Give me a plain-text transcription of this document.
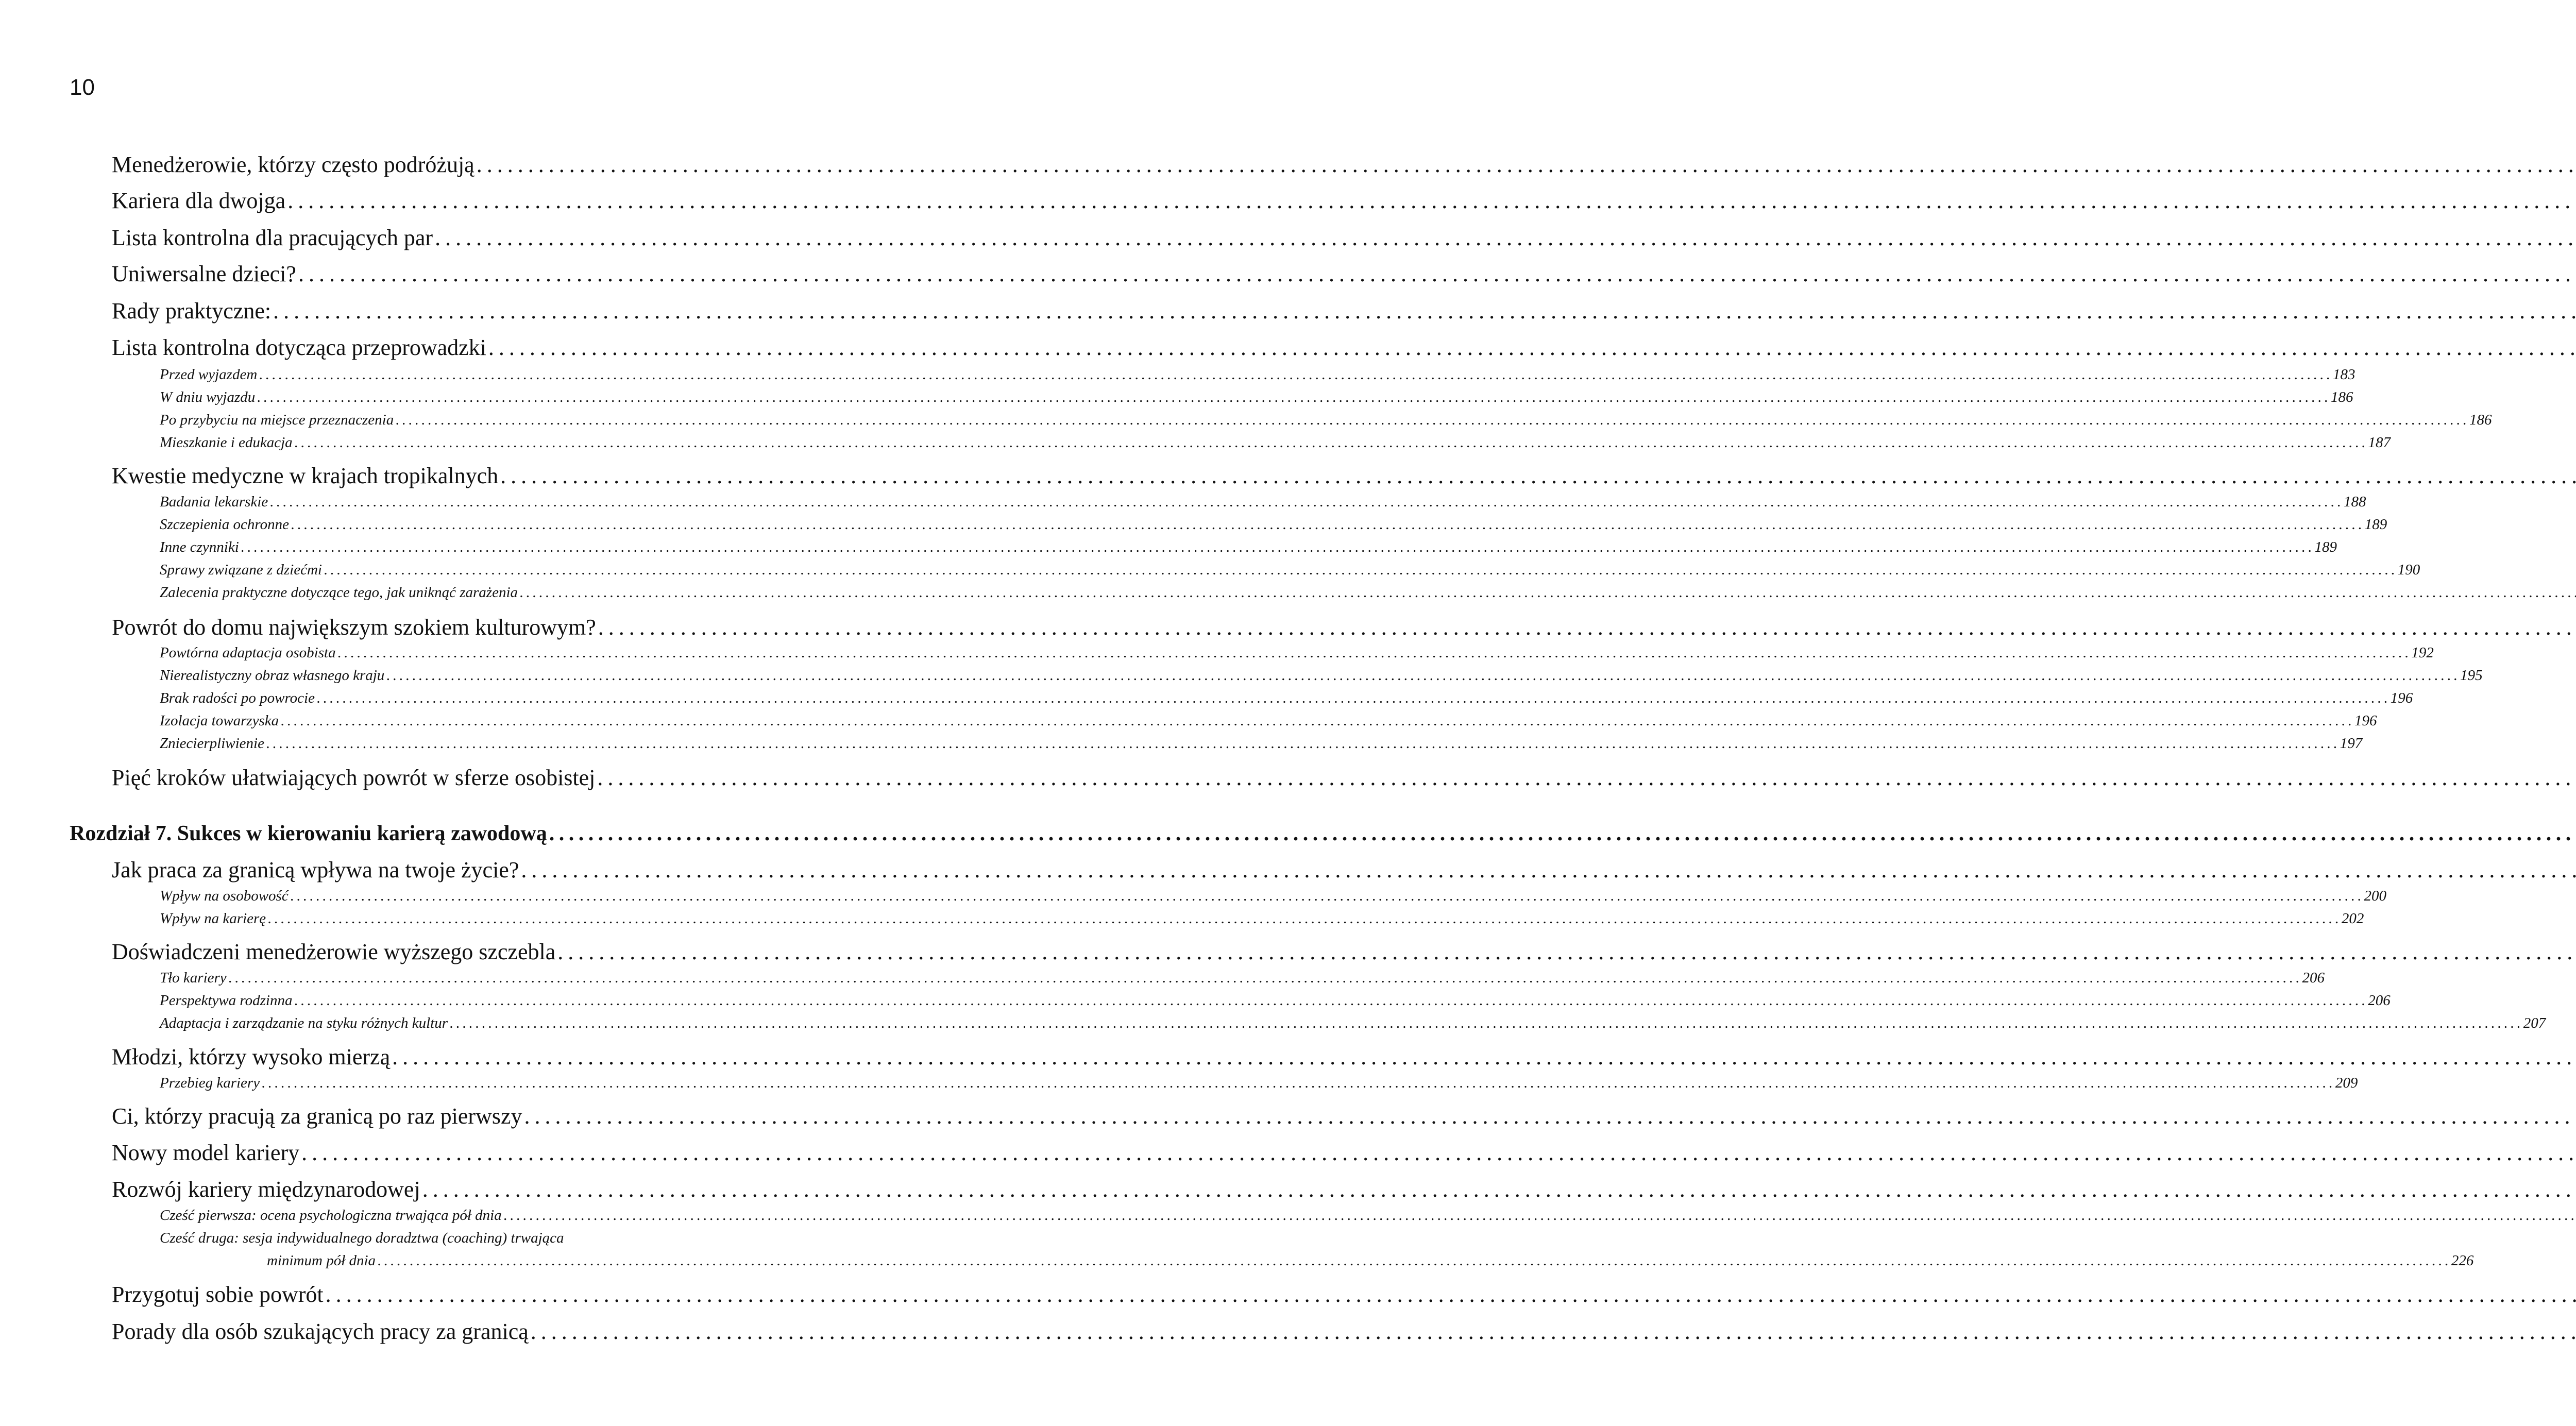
10
Menedżerowie, którzy często podróżują
. . .
Kariera dla dwojga
. . .
Lista kontrolna dla pracujących par
. . .
Uniwersalne dzieci?
. . .
Rady praktyczne:
. . .
Lista kontrolna dotycząca przeprowadzki
. . .
Przed wyjazdem . . .	183
W dniu wyjazdu . . .	186
Po przybyciu na miejsce przeznaczenia . . .	186
Mieszkanie i edukacja . . .	187
Kwestie medyczne w krajach tropikalnych
. . .
Badania lekarskie . . .	188
Szczepienia ochronne . . .	189
Inne czynniki . . .	189
Sprawy związane z dziećmi . . .	190
Zalecenia praktyczne dotyczące tego, jak uniknąć zarażenia
. . .
Powrót do domu największym szokiem kulturowym?
. . .
Powtórna adaptacja osobista . . .	192
Nierealistyczny obraz własnego kraju . . .	195
Brak radości po powrocie . . .	196
Izolacja towarzyska . . .	196
Zniecierpliwienie . . .	197
Pięć kroków ułatwiających powrót w sferze osobistej
. . .
Rozdział 7. Sukces w kierowaniu karierą zawodową
. . .
Jak praca za granicą wpływa na twoje życie?
. . .
Wpływ na osobowość . . .	200
Wpływ na karierę . . .	202
Doświadczeni menedżerowie wyższego szczebla
. . .
Tło kariery . . .	206
Perspektywa rodzinna . . .	206
Adaptacja i zarządzanie na styku różnych kultur . . .	207
Młodzi, którzy wysoko mierzą
. . .
Przebieg kariery . . .	209
Ci, którzy pracują za granicą po raz pierwszy
. . .
Nowy model kariery
. . .
Rozwój kariery międzynarodowej
. . .
Cześć pierwsza: ocena psychologiczna trwająca pół dnia
. . .
Cześć druga: sesja indywidualnego doradztwa (coaching) trwająca
minimum pół dnia . . .	226
Przygotuj sobie powrót
. . .
Porady dla osób szukających pracy za granicą
. . .
